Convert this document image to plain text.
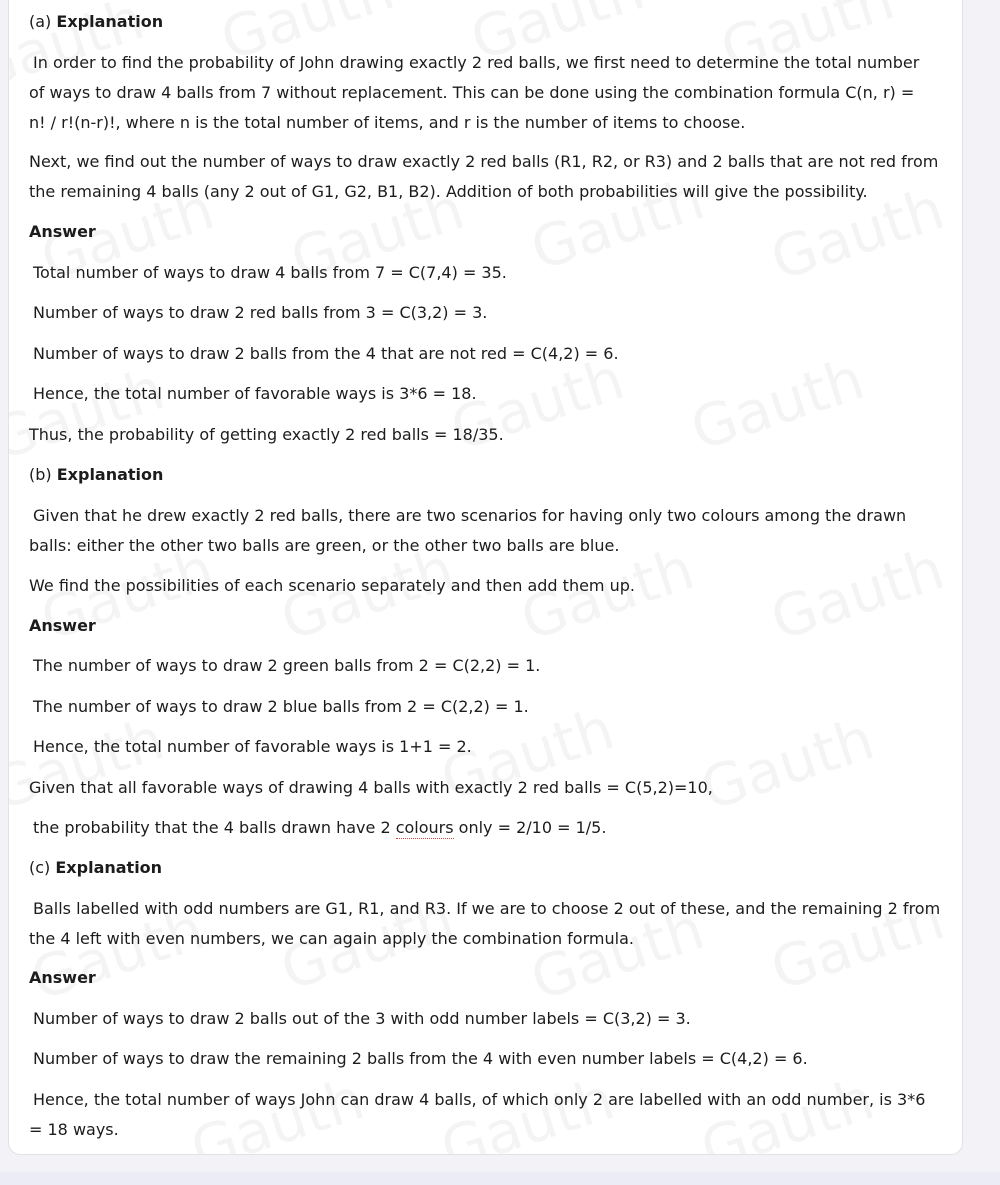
(a) Explanation

In order to find the probability of John drawing exactly 2 red balls, we first need to determine the total number

of ways to draw 4 balls from 7 without replacement. This can be done using the combination formula C(n, r) =

n! / r!(n-r)!, where n is the total number of items, and r is the number of items to choose.

Next, we find out the number of ways to draw exactly 2 red balls (R1, R2, or R3) and 2 balls that are not red from

the remaining 4 balls (any 2 out of G1, G2, B1, B2). Addition of both probabilities will give the possibility.

Answer

Total number of ways to draw 4 balls from 7 = C(7,4) = 35.

Number of ways to draw 2 red balls from 3 = C(3,2) = 3.

Number of ways to draw 2 balls from the 4 that are not red = C(4,2) = 6.

Hence, the total number of favorable ways is 3*6 = 18.

Thus, the probability of getting exactly 2 red balls = 18/35.

(b) Explanation

Given that he drew exactly 2 red balls, there are two scenarios for having only two colours among the drawn

balls: either the other two balls are green, or the other two balls are blue.

We find the possibilities of each scenario separately and then add them up.

Answer

The number of ways to draw 2 green balls from 2 = C(2,2) = 1.

The number of ways to draw 2 blue balls from 2 = C(2,2) = 1.

Hence, the total number of favorable ways is 1+1 = 2.

Given that all favorable ways of drawing 4 balls with exactly 2 red balls = C(5,2)=10,

the probability that the 4 balls drawn have 2 colours only = 2/10 = 1/5.

(c) Explanation

Balls labelled with odd numbers are G1, R1, and R3. If we are to choose 2 out of these, and the remaining 2 from

the 4 left with even numbers, we can again apply the combination formula.

Answer

Number of ways to draw 2 balls out of the 3 with odd number labels = C(3,2) = 3.

Number of ways to draw the remaining 2 balls from the 4 with even number labels = C(4,2) = 6.

Hence, the total number of ways John can draw 4 balls, of which only 2 are labelled with an odd number, is 3*6

= 18 ways.
